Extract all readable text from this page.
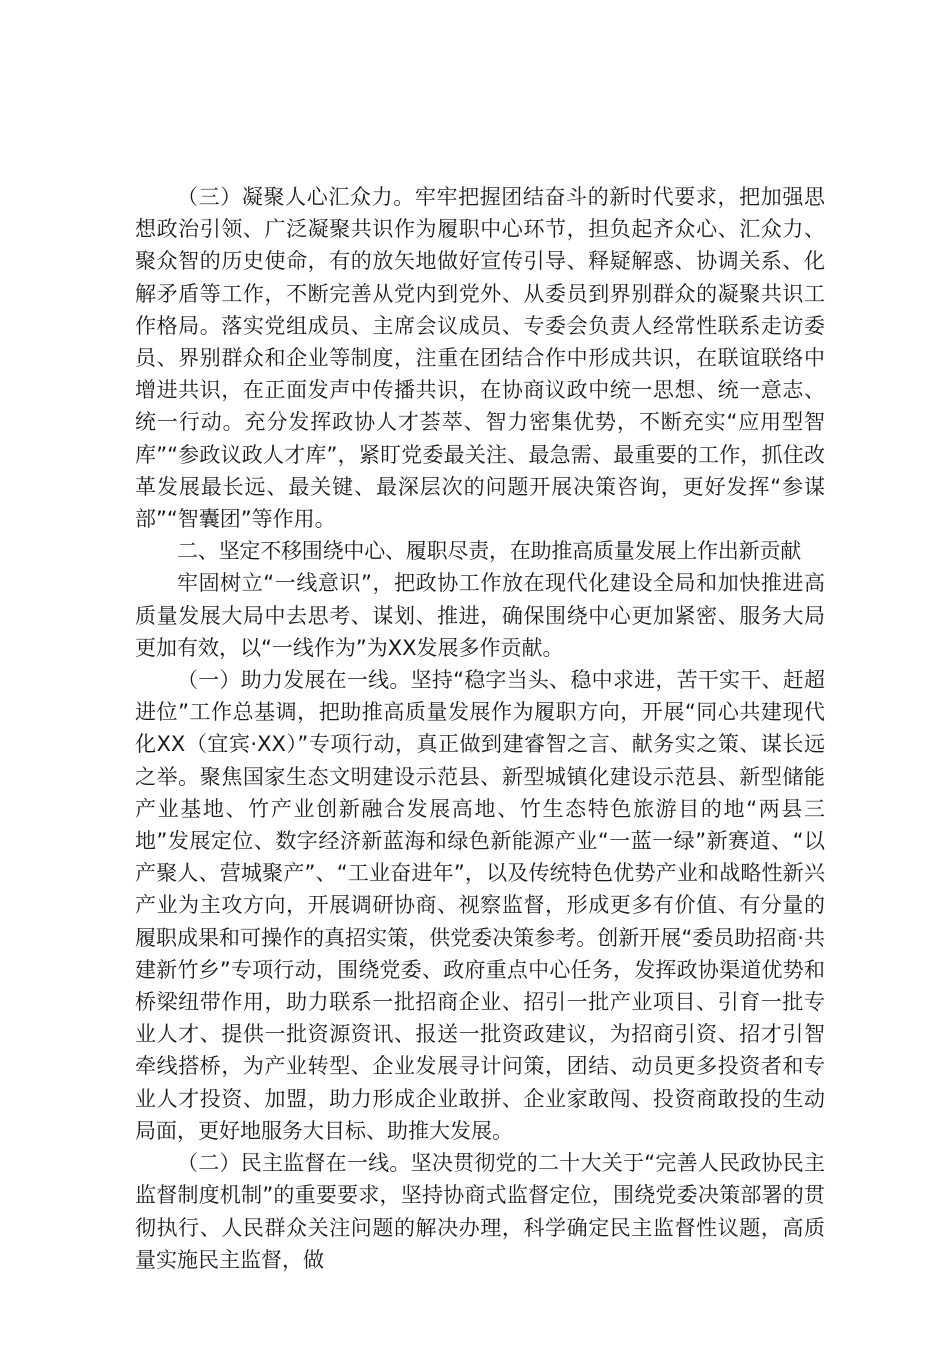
（三）凝聚人心汇众力。牢牢把握团结奋斗的新时代要求，把加强思想政治引领、广泛凝聚共识作为履职中心环节，担负起齐众心、汇众力、聚众智的历史使命，有的放矢地做好宣传引导、释疑解惑、协调关系、化解矛盾等工作，不断完善从党内到党外、从委员到界别群众的凝聚共识工作格局。落实党组成员、主席会议成员、专委会负责人经常性联系走访委员、界别群众和企业等制度，注重在团结合作中形成共识，在联谊联络中增进共识，在正面发声中传播共识，在协商议政中统一思想、统一意志、统一行动。充分发挥政协人才荟萃、智力密集优势，不断充实“应用型智库”“参政议政人才库”，紧盯党委最关注、最急需、最重要的工作，抓住改革发展最长远、最关键、最深层次的问题开展决策咨询，更好发挥“参谋部”“智囊团”等作用。

二、坚定不移围绕中心、履职尽责，在助推高质量发展上作出新贡献

牢固树立“一线意识”，把政协工作放在现代化建设全局和加快推进高质量发展大局中去思考、谋划、推进，确保围绕中心更加紧密、服务大局更加有效，以“一线作为”为XX发展多作贡献。

（一）助力发展在一线。坚持“稳字当头、稳中求进，苦干实干、赶超进位”工作总基调，把助推高质量发展作为履职方向，开展“同心共建现代化XX（宜宾·XX）”专项行动，真正做到建睿智之言、献务实之策、谋长远之举。聚焦国家生态文明建设示范县、新型城镇化建设示范县、新型储能产业基地、竹产业创新融合发展高地、竹生态特色旅游目的地“两县三地”发展定位、数字经济新蓝海和绿色新能源产业“一蓝一绿”新赛道、“以产聚人、营城聚产”、“工业奋进年”，以及传统特色优势产业和战略性新兴产业为主攻方向，开展调研协商、视察监督，形成更多有价值、有分量的履职成果和可操作的真招实策，供党委决策参考。创新开展“委员助招商·共建新竹乡”专项行动，围绕党委、政府重点中心任务，发挥政协渠道优势和桥梁纽带作用，助力联系一批招商企业、招引一批产业项目、引育一批专业人才、提供一批资源资讯、报送一批资政建议，为招商引资、招才引智牵线搭桥，为产业转型、企业发展寻计问策，团结、动员更多投资者和专业人才投资、加盟，助力形成企业敢拼、企业家敢闯、投资商敢投的生动局面，更好地服务大目标、助推大发展。

（二）民主监督在一线。坚决贯彻党的二十大关于“完善人民政协民主监督制度机制”的重要要求，坚持协商式监督定位，围绕党委决策部署的贯彻执行、人民群众关注问题的解决办理，科学确定民主监督性议题，高质量实施民主监督，做
